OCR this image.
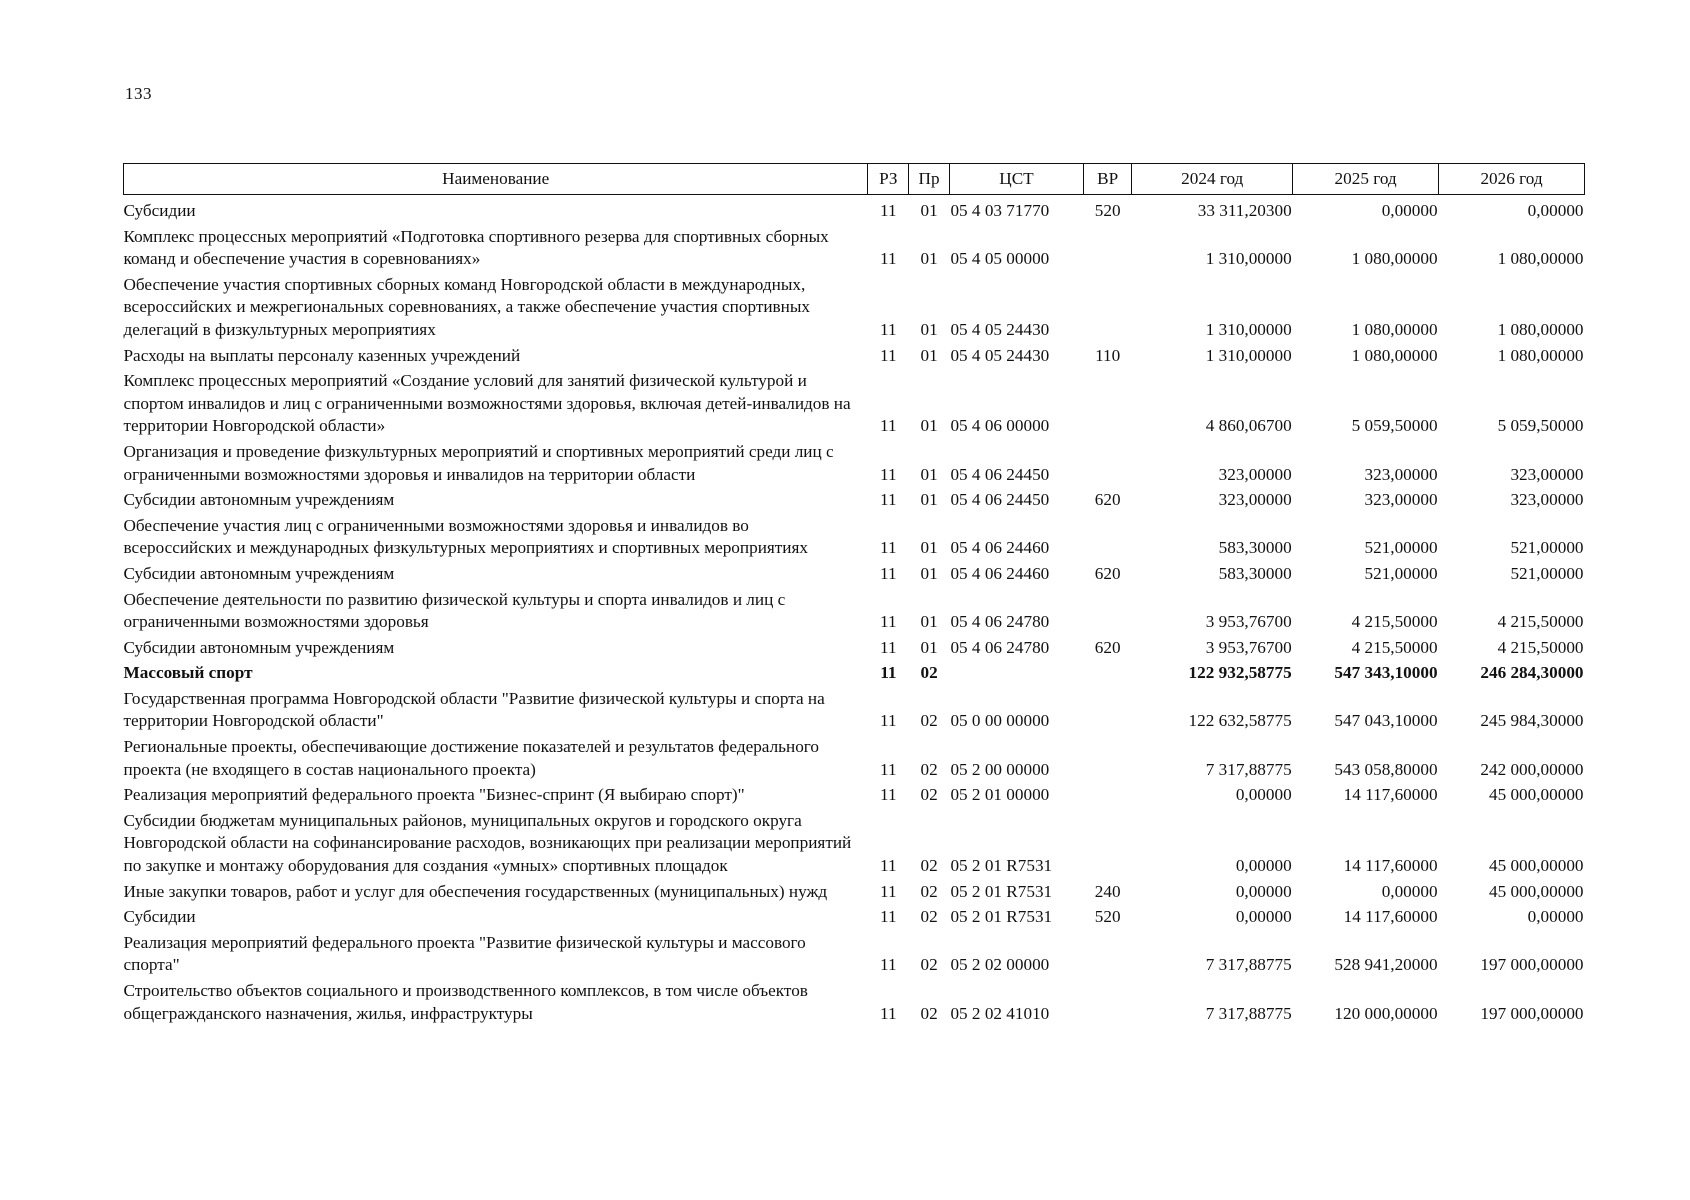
133
Наименование	РЗ	Пр	ЦСТ	ВР	2024 год	2025 год	2026 год
Субсидии	11	01	05 4 03 71770	520	33 311,20300	0,00000	0,00000
Комплекс процессных мероприятий «Подготовка спортивного резерва для спортивных сборных команд и обеспечение участия в соревнованиях»	11	01	05 4 05 00000		1 310,00000	1 080,00000	1 080,00000
Обеспечение участия спортивных сборных команд Новгородской области в международных, всероссийских и межрегиональных соревнованиях, а также обеспечение участия спортивных делегаций в физкультурных мероприятиях	11	01	05 4 05 24430		1 310,00000	1 080,00000	1 080,00000
Расходы на выплаты персоналу казенных учреждений	11	01	05 4 05 24430	110	1 310,00000	1 080,00000	1 080,00000
Комплекс процессных мероприятий «Создание условий для занятий физической культурой и спортом инвалидов и лиц с ограниченными возможностями здоровья, включая детей-инвалидов на территории Новгородской области»	11	01	05 4 06 00000		4 860,06700	5 059,50000	5 059,50000
Организация и проведение физкультурных мероприятий и спортивных мероприятий среди лиц с ограниченными возможностями здоровья и инвалидов на территории области	11	01	05 4 06 24450		323,00000	323,00000	323,00000
Субсидии автономным учреждениям	11	01	05 4 06 24450	620	323,00000	323,00000	323,00000
Обеспечение участия лиц с ограниченными возможностями здоровья и инвалидов во всероссийских и международных физкультурных мероприятиях и спортивных мероприятиях	11	01	05 4 06 24460		583,30000	521,00000	521,00000
Субсидии автономным учреждениям	11	01	05 4 06 24460	620	583,30000	521,00000	521,00000
Обеспечение деятельности по развитию физической культуры и спорта инвалидов и лиц с ограниченными возможностями здоровья	11	01	05 4 06 24780		3 953,76700	4 215,50000	4 215,50000
Субсидии автономным учреждениям	11	01	05 4 06 24780	620	3 953,76700	4 215,50000	4 215,50000
Массовый спорт	11	02			122 932,58775	547 343,10000	246 284,30000
Государственная программа Новгородской области "Развитие физической культуры и спорта на территории Новгородской области"	11	02	05 0 00 00000		122 632,58775	547 043,10000	245 984,30000
Региональные проекты, обеспечивающие достижение показателей и результатов федерального проекта (не входящего в состав национального проекта)	11	02	05 2 00 00000		7 317,88775	543 058,80000	242 000,00000
Реализация мероприятий федерального проекта "Бизнес-спринт (Я выбираю спорт)"	11	02	05 2 01 00000		0,00000	14 117,60000	45 000,00000
Субсидии бюджетам муниципальных районов, муниципальных округов и городского округа Новгородской области на софинансирование расходов, возникающих при реализации мероприятий по закупке и монтажу оборудования для создания «умных» спортивных площадок	11	02	05 2 01 R7531		0,00000	14 117,60000	45 000,00000
Иные закупки товаров, работ и услуг для обеспечения государственных (муниципальных) нужд	11	02	05 2 01 R7531	240	0,00000	0,00000	45 000,00000
Субсидии	11	02	05 2 01 R7531	520	0,00000	14 117,60000	0,00000
Реализация мероприятий федерального проекта "Развитие физической культуры и массового спорта"	11	02	05 2 02 00000		7 317,88775	528 941,20000	197 000,00000
Строительство объектов социального и производственного комплексов, в том числе объектов общегражданского назначения, жилья, инфраструктуры	11	02	05 2 02 41010		7 317,88775	120 000,00000	197 000,00000
